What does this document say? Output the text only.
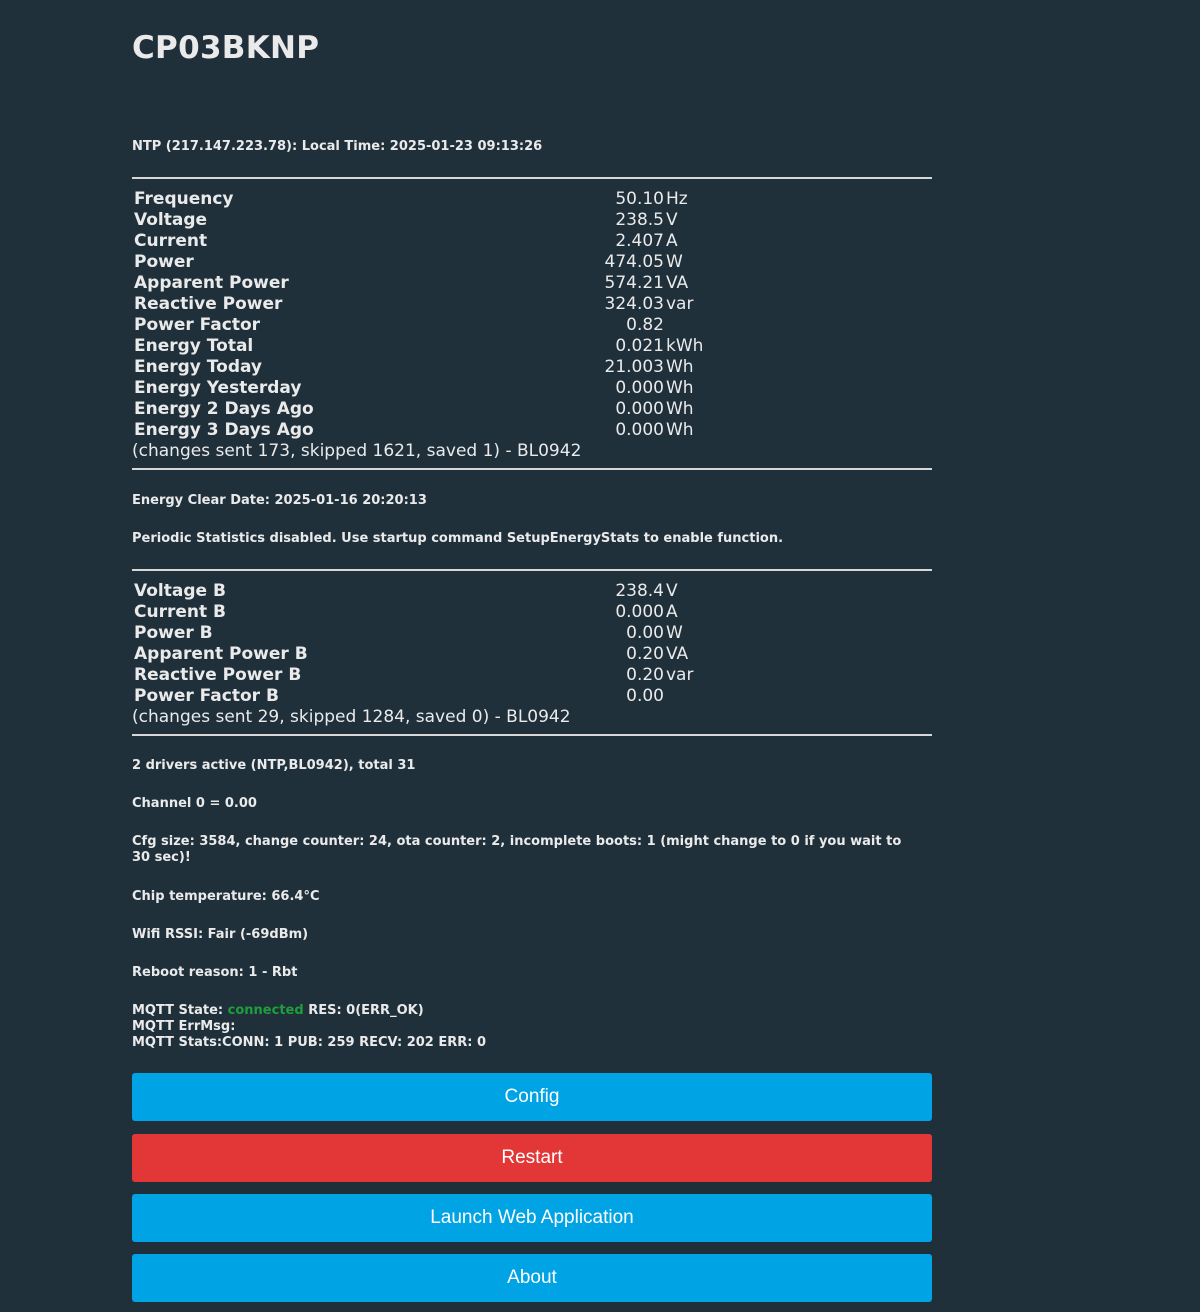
CP03BKNP
NTP (217.147.223.78): Local Time: 2025-01-23 09:13:26
Frequency	50.10 Hz
Voltage	238.5 V
Current	2.407 A
Power	474.05 W
Apparent Power	574.21 VA
Reactive Power	324.03 var
Power Factor	0.82
Energy Total	0.021 kWh
Energy Today	21.003 Wh
Energy Yesterday	0.000 Wh
Energy 2 Days Ago	0.000 Wh
Energy 3 Days Ago	0.000 Wh
(changes sent 173, skipped 1621, saved 1) - BL0942
Energy Clear Date: 2025-01-16 20:20:13
Periodic Statistics disabled. Use startup command SetupEnergyStats to enable function.
Voltage B	238.4 V
Current B	0.000 A
Power B	0.00 W
Apparent Power B	0.20 VA
Reactive Power B	0.20 var
Power Factor B	0.00
(changes sent 29, skipped 1284, saved 0) - BL0942
2 drivers active (NTP,BL0942), total 31
Channel 0 = 0.00
Cfg size: 3584, change counter: 24, ota counter: 2, incomplete boots: 1 (might change to 0 if you wait to
30 sec)!
Chip temperature: 66.4°C
Wifi RSSI: Fair (-69dBm)
Reboot reason: 1 - Rbt
MQTT State: connected RES: 0(ERR_OK)
MQTT ErrMsg:
MQTT Stats:CONN: 1 PUB: 259 RECV: 202 ERR: 0
Config
Restart
Launch Web Application
About
